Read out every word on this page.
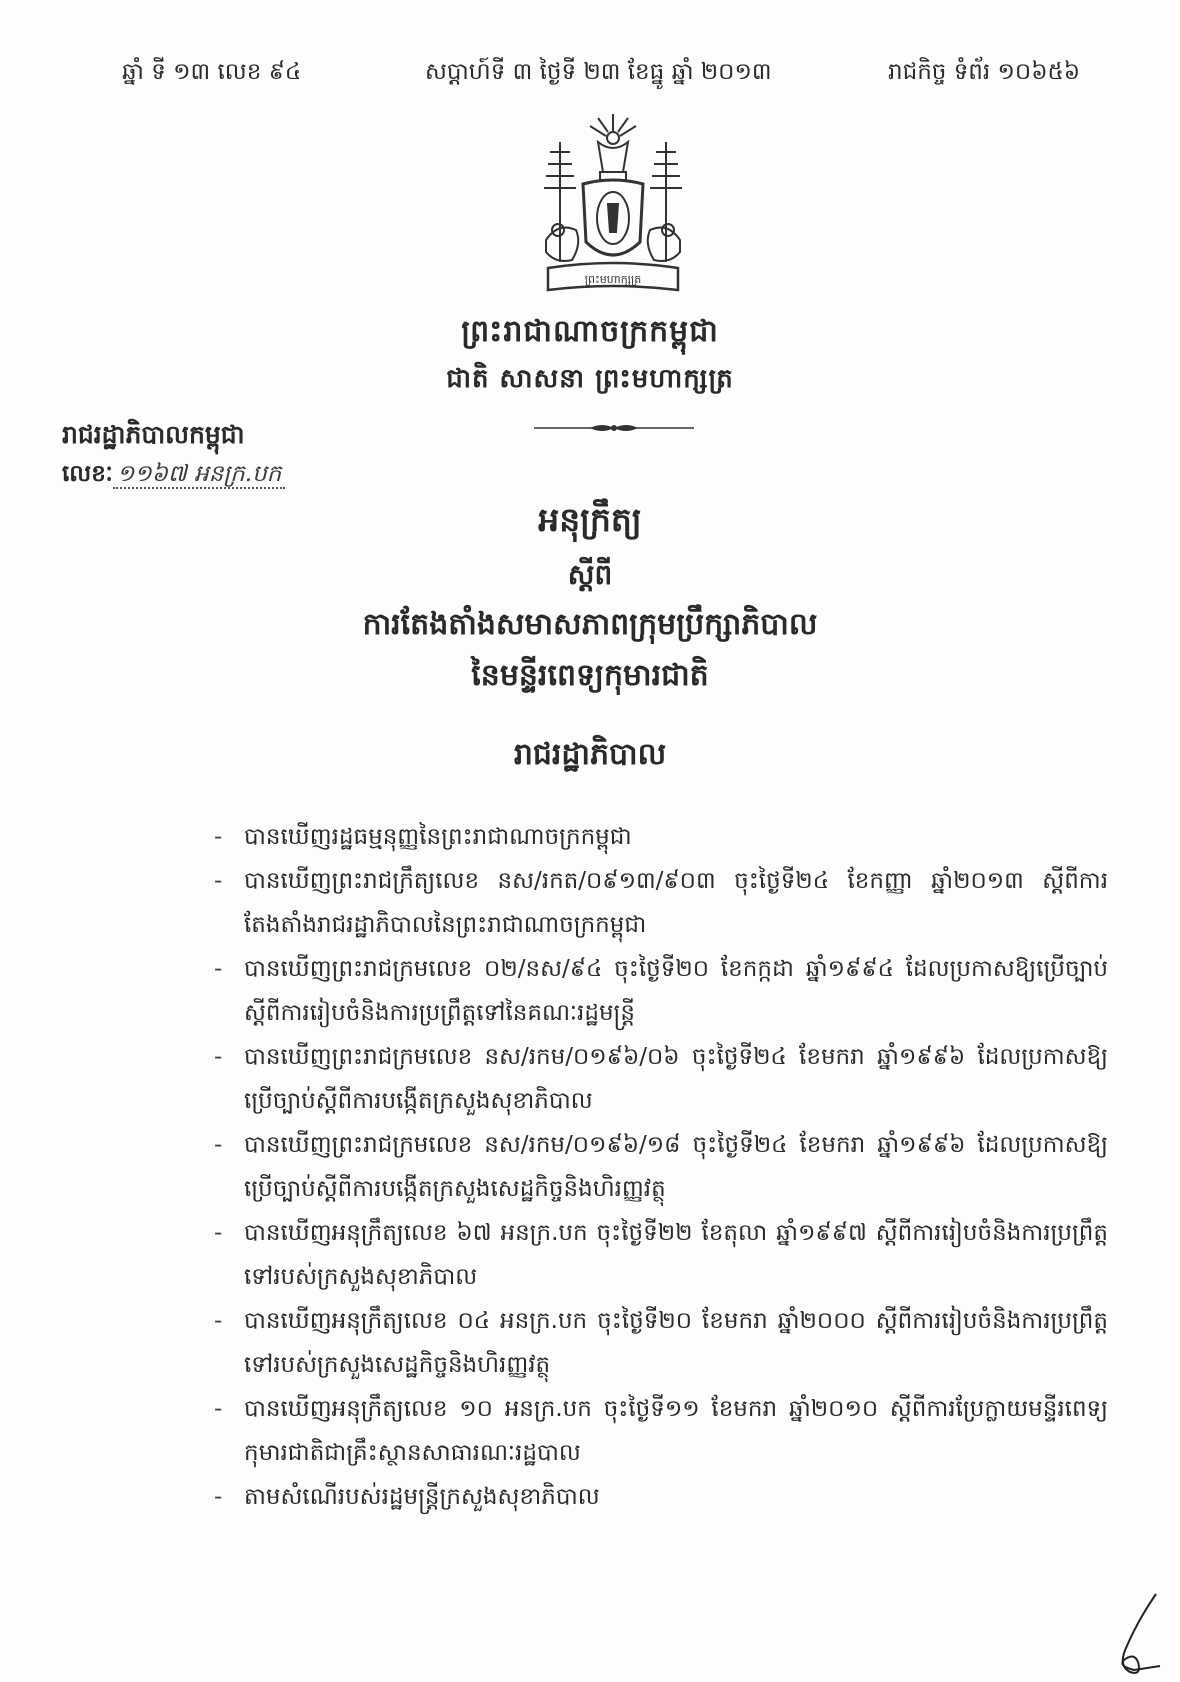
ឆ្នាំ ទី ១៣ លេខ ៩៤	សប្តាហ៍ទី ៣ ថ្ងៃទី ២៣ ខែធ្នូ ឆ្នាំ ២០១៣	រាជកិច្ច ទំព័រ ១០៦៥៦
ព្រះមហាក្សត្រ
ព្រះរាជាណាចក្រកម្ពុជា
ជាតិ សាសនា ព្រះមហាក្សត្រ
រាជរដ្ឋាភិបាលកម្ពុជា
លេខៈ ១១៦៧ អនក្រ.បក
អនុក្រឹត្យ
ស្តីពី
ការតែងតាំងសមាសភាពក្រុមប្រឹក្សាភិបាល
នៃមន្ទីរពេទ្យកុមារជាតិ
រាជរដ្ឋាភិបាល
- បានឃើញរដ្ឋធម្មនុញ្ញនៃព្រះរាជាណាចក្រកម្ពុជា
- បានឃើញព្រះរាជក្រឹត្យលេខ នស/រកត/០៩១៣/៩០៣ ចុះថ្ងៃទី២៤ ខែកញ្ញា ឆ្នាំ២០១៣ ស្តីពីការតែងតាំងរាជរដ្ឋាភិបាលនៃព្រះរាជាណាចក្រកម្ពុជា
- បានឃើញព្រះរាជក្រមលេខ ០២/នស/៩៤ ចុះថ្ងៃទី២០ ខែកក្កដា ឆ្នាំ១៩៩៤ ដែលប្រកាសឱ្យប្រើច្បាប់ស្តីពីការរៀបចំនិងការប្រព្រឹត្តទៅនៃគណៈរដ្ឋមន្ត្រី
- បានឃើញព្រះរាជក្រមលេខ នស/រកម/០១៩៦/០៦ ចុះថ្ងៃទី២៤ ខែមករា ឆ្នាំ១៩៩៦ ដែលប្រកាសឱ្យប្រើច្បាប់ស្តីពីការបង្កើតក្រសួងសុខាភិបាល
- បានឃើញព្រះរាជក្រមលេខ នស/រកម/០១៩៦/១៨ ចុះថ្ងៃទី២៤ ខែមករា ឆ្នាំ១៩៩៦ ដែលប្រកាសឱ្យប្រើច្បាប់ស្តីពីការបង្កើតក្រសួងសេដ្ឋកិច្ចនិងហិរញ្ញវត្ថុ
- បានឃើញអនុក្រឹត្យលេខ ៦៧ អនក្រ.បក ចុះថ្ងៃទី២២ ខែតុលា ឆ្នាំ១៩៩៧ ស្តីពីការរៀបចំនិងការប្រព្រឹត្តទៅរបស់ក្រសួងសុខាភិបាល
- បានឃើញអនុក្រឹត្យលេខ ០៤ អនក្រ.បក ចុះថ្ងៃទី២០ ខែមករា ឆ្នាំ២០០០ ស្តីពីការរៀបចំនិងការប្រព្រឹត្តទៅរបស់ក្រសួងសេដ្ឋកិច្ចនិងហិរញ្ញវត្ថុ
- បានឃើញអនុក្រឹត្យលេខ ១០ អនក្រ.បក ចុះថ្ងៃទី១១ ខែមករា ឆ្នាំ២០១០ ស្តីពីការប្រែក្លាយមន្ទីរពេទ្យកុមារជាតិជាគ្រឹះស្ថានសាធារណៈរដ្ឋបាល
- តាមសំណើរបស់រដ្ឋមន្ត្រីក្រសួងសុខាភិបាល
